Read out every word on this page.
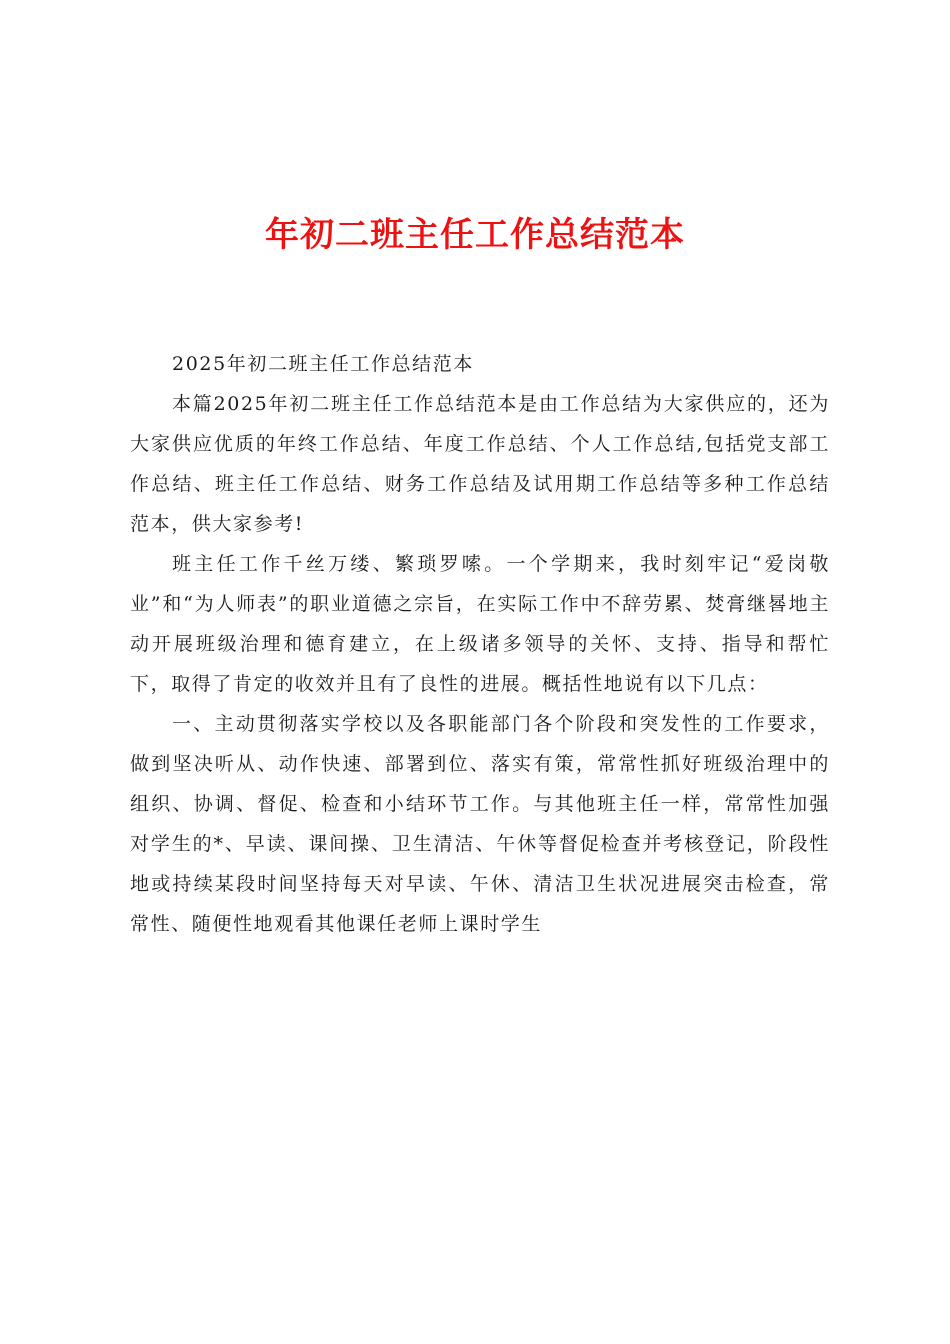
年初二班主任工作总结范本

2025年初二班主任工作总结范本

本篇2025年初二班主任工作总结范本是由工作总结为大家供应的，还为大家供应优质的年终工作总结、年度工作总结、个人工作总结,包括党支部工作总结、班主任工作总结、财务工作总结及试用期工作总结等多种工作总结范本，供大家参考!

班主任工作千丝万缕、繁琐罗嗦。一个学期来，我时刻牢记“爱岗敬业”和“为人师表”的职业道德之宗旨，在实际工作中不辞劳累、焚膏继晷地主动开展班级治理和德育建立，在上级诸多领导的关怀、支持、指导和帮忙下，取得了肯定的收效并且有了良性的进展。概括性地说有以下几点：

一、主动贯彻落实学校以及各职能部门各个阶段和突发性的工作要求，做到坚决听从、动作快速、部署到位、落实有策，常常性抓好班级治理中的组织、协调、督促、检查和小结环节工作。与其他班主任一样，常常性加强对学生的*、早读、课间操、卫生清洁、午休等督促检查并考核登记，阶段性地或持续某段时间坚持每天对早读、午休、清洁卫生状况进展突击检查，常常性、随便性地观看其他课任老师上课时学生
